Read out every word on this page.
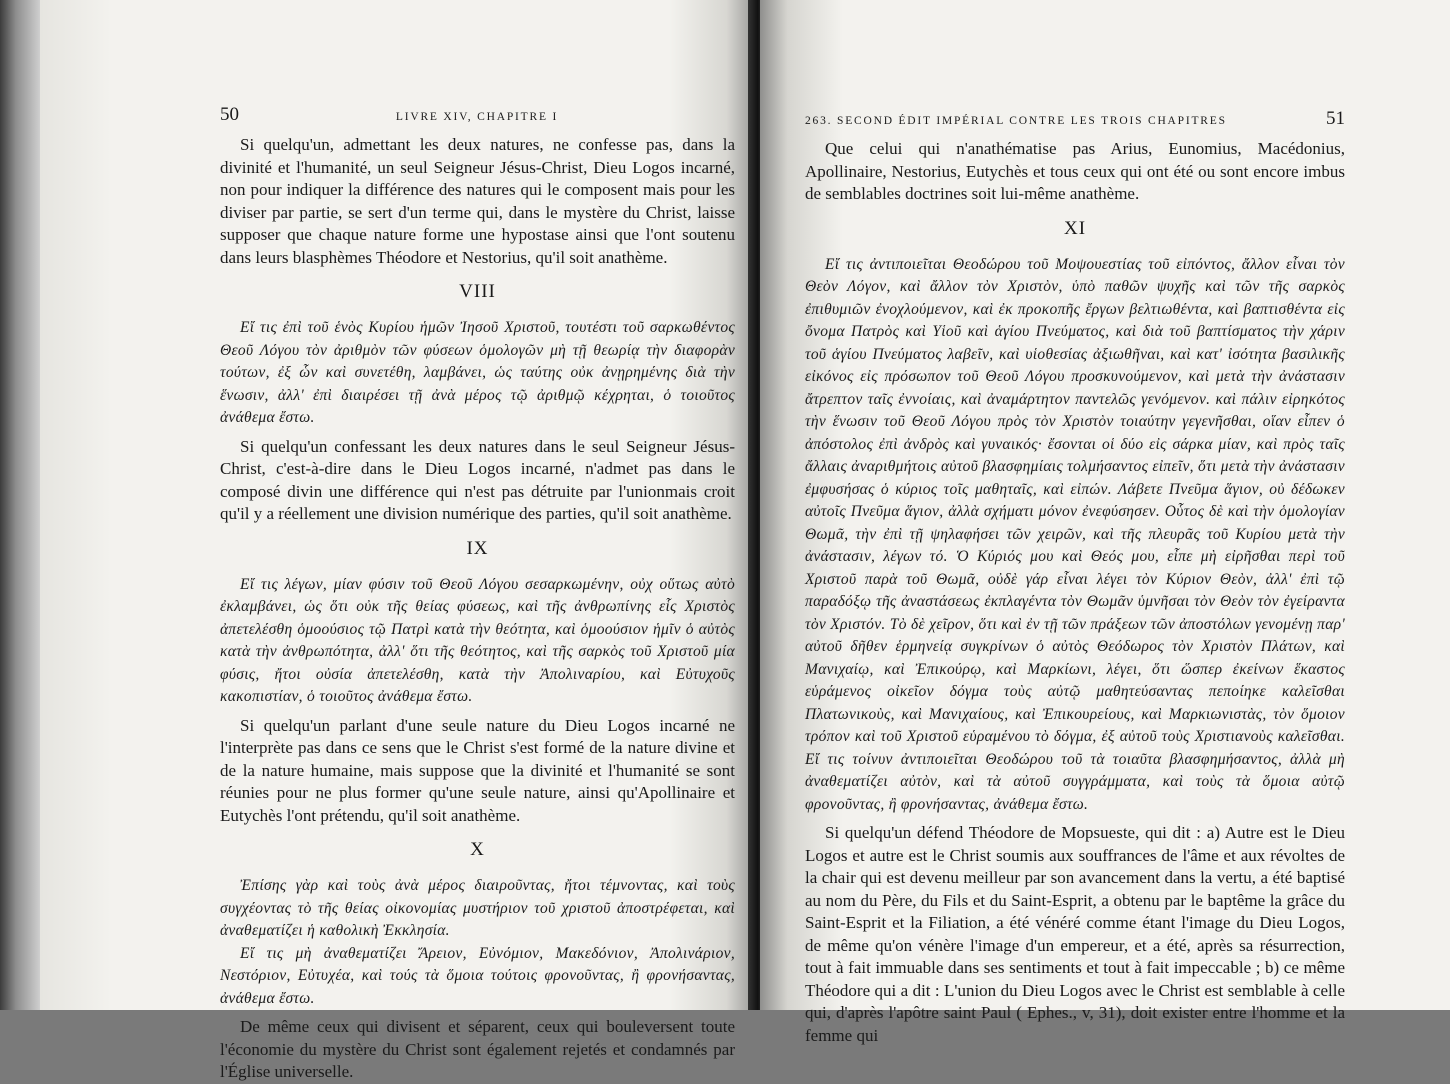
50	LIVRE XIV, CHAPITRE I

Si quelqu'un, admettant les deux natures, ne confesse pas, dans la divinité et l'humanité, un seul Seigneur Jésus-Christ, Dieu Logos incarné, non pour indiquer la différence des natures qui le composent mais pour les diviser par partie, se sert d'un terme qui, dans le mystère du Christ, laisse supposer que chaque nature forme une hypostase ainsi que l'ont soutenu dans leurs blasphèmes Théodore et Nestorius, qu'il soit anathème.

VIII

Εἴ τις ἐπὶ τοῦ ἑνὸς Κυρίου ἡμῶν Ἰησοῦ Χριστοῦ, τουτέστι τοῦ σαρκωθέντος Θεοῦ Λόγου τὸν ἀριθμὸν τῶν φύσεων ὁμολογῶν μὴ τῇ θεωρίᾳ τὴν διαφορὰν τούτων, ἐξ ὧν καὶ συνετέθη, λαμβάνει, ὡς ταύτης οὐκ ἀνῃρημένης διὰ τὴν ἕνωσιν, ἀλλ' ἐπὶ διαιρέσει τῇ ἀνὰ μέρος τῷ ἀριθμῷ κέχρηται, ὁ τοιοῦτος ἀνάθεμα ἔστω.

Si quelqu'un confessant les deux natures dans le seul Seigneur Jésus-Christ, c'est-à-dire dans le Dieu Logos incarné, n'admet pas dans le composé divin une différence qui n'est pas détruite par l'unionmais croit qu'il y a réellement une division numérique des parties, qu'il soit anathème.

IX

Εἴ τις λέγων, μίαν φύσιν τοῦ Θεοῦ Λόγου σεσαρκωμένην, οὐχ οὕτως αὐτὸ ἐκλαμβάνει, ὡς ὅτι οὐκ τῆς θείας φύσεως, καὶ τῆς ἀνθρωπίνης εἷς Χριστὸς ἀπετελέσθη ὁμοούσιος τῷ Πατρὶ κατὰ τὴν θεότητα, καὶ ὁμοούσιον ἡμῖν ὁ αὐτὸς κατὰ τὴν ἀνθρωπότητα, ἀλλ' ὅτι τῆς θεότητος, καὶ τῆς σαρκὸς τοῦ Χριστοῦ μία φύσις, ἤτοι οὐσία ἀπετελέσθη, κατὰ τὴν Ἀπολιναρίου, καὶ Εὐτυχοῦς κακοπιστίαν, ὁ τοιοῦτος ἀνάθεμα ἔστω.

Si quelqu'un parlant d'une seule nature du Dieu Logos incarné ne l'interprète pas dans ce sens que le Christ s'est formé de la nature divine et de la nature humaine, mais suppose que la divinité et l'humanité se sont réunies pour ne plus former qu'une seule nature, ainsi qu'Apollinaire et Eutychès l'ont prétendu, qu'il soit anathème.

X

Ἐπίσης γὰρ καὶ τοὺς ἀνὰ μέρος διαιροῦντας, ἤτοι τέμνοντας, καὶ τοὺς συγχέοντας τὸ τῆς θείας οἰκονομίας μυστήριον τοῦ χριστοῦ ἀποστρέφεται, καὶ ἀναθεματίζει ἡ καθολικὴ Ἐκκλησία.

Εἴ τις μὴ ἀναθεματίζει Ἄρειον, Εὐνόμιον, Μακεδόνιον, Ἀπολινάριον, Νεστόριον, Εὐτυχέα, καὶ τούς τὰ ὅμοια τούτοις φρονοῦντας, ἢ φρονήσαντας, ἀνάθεμα ἔστω.

De même ceux qui divisent et séparent, ceux qui bouleversent toute l'économie du mystère du Christ sont également rejetés et condamnés par l'Église universelle.

263. SECOND ÉDIT IMPÉRIAL CONTRE LES TROIS CHAPITRES	51

Que celui qui n'anathématise pas Arius, Eunomius, Macédonius, Apollinaire, Nestorius, Eutychès et tous ceux qui ont été ou sont encore imbus de semblables doctrines soit lui-même anathème.

XI

Εἴ τις ἀντιποιεῖται Θεοδώρου τοῦ Μοψουεστίας τοῦ εἰπόντος, ἄλλον εἶναι τὸν Θεὸν Λόγον, καὶ ἄλλον τὸν Χριστὸν, ὑπὸ παθῶν ψυχῆς καὶ τῶν τῆς σαρκὸς ἐπιθυμιῶν ἐνοχλούμενον, καὶ ἐκ προκοπῆς ἔργων βελτιωθέντα, καὶ βαπτισθέντα εἰς ὄνομα Πατρὸς καὶ Υἱοῦ καὶ ἁγίου Πνεύματος, καὶ διὰ τοῦ βαπτίσματος τὴν χάριν τοῦ ἁγίου Πνεύματος λαβεῖν, καὶ υἱοθεσίας ἀξιωθῆναι, καὶ κατ' ἰσότητα βασιλικῆς εἰκόνος εἰς πρόσωπον τοῦ Θεοῦ Λόγου προσκυνούμενον, καὶ μετὰ τὴν ἀνάστασιν ἄτρεπτον ταῖς ἐννοίαις, καὶ ἀναμάρτητον παντελῶς γενόμενον. καὶ πάλιν εἰρηκότος τὴν ἕνωσιν τοῦ Θεοῦ Λόγου πρὸς τὸν Χριστὸν τοιαύτην γεγενῆσθαι, οἵαν εἶπεν ὁ ἀπόστολος ἐπὶ ἀνδρὸς καὶ γυναικός· ἔσονται οἱ δύο εἰς σάρκα μίαν, καὶ πρὸς ταῖς ἄλλαις ἀναριθμήτοις αὐτοῦ βλασφημίαις τολμήσαντος εἰπεῖν, ὅτι μετὰ τὴν ἀνάστασιν ἐμφυσήσας ὁ κύριος τοῖς μαθηταῖς, καὶ εἰπών. Λάβετε Πνεῦμα ἅγιον, οὐ δέδωκεν αὐτοῖς Πνεῦμα ἅγιον, ἀλλὰ σχήματι μόνον ἐνεφύσησεν. Οὗτος δὲ καὶ τὴν ὁμολογίαν Θωμᾶ, τὴν ἐπὶ τῇ ψηλαφήσει τῶν χειρῶν, καὶ τῆς πλευρᾶς τοῦ Κυρίου μετὰ τὴν ἀνάστασιν, λέγων τό. Ὁ Κύριός μου καὶ Θεός μου, εἶπε μὴ εἰρῆσθαι περὶ τοῦ Χριστοῦ παρὰ τοῦ Θωμᾶ, οὐδὲ γάρ εἶναι λέγει τὸν Κύριον Θεὸν, ἀλλ' ἐπὶ τῷ παραδόξῳ τῆς ἀναστάσεως ἐκπλαγέντα τὸν Θωμᾶν ὑμνῆσαι τὸν Θεὸν τὸν ἐγείραντα τὸν Χριστόν. Τὸ δὲ χεῖρον, ὅτι καὶ ἐν τῇ τῶν πράξεων τῶν ἀποστόλων γενομένῃ παρ' αὐτοῦ δῆθεν ἑρμηνείᾳ συγκρίνων ὁ αὐτὸς Θεόδωρος τὸν Χριστὸν Πλάτων, καὶ Μανιχαίῳ, καὶ Ἐπικούρῳ, καὶ Μαρκίωνι, λέγει, ὅτι ὥσπερ ἐκείνων ἕκαστος εὑράμενος οἰκεῖον δόγμα τοὺς αὐτῷ μαθητεύσαντας πεποίηκε καλεῖσθαι Πλατωνικοὺς, καὶ Μανιχαίους, καὶ Ἐπικουρείους, καὶ Μαρκιωνιστὰς, τὸν ὅμοιον τρόπον καὶ τοῦ Χριστοῦ εὑραμένου τὸ δόγμα, ἐξ αὐτοῦ τοὺς Χριστιανοὺς καλεῖσθαι. Εἴ τις τοίνυν ἀντιποιεῖται Θεοδώρου τοῦ τὰ τοιαῦτα βλασφημήσαντος, ἀλλὰ μὴ ἀναθεματίζει αὐτὸν, καὶ τὰ αὐτοῦ συγγράμματα, καὶ τοὺς τὰ ὅμοια αὐτῷ φρονοῦντας, ἢ φρονήσαντας, ἀνάθεμα ἔστω.

Si quelqu'un défend Théodore de Mopsueste, qui dit : a) Autre est le Dieu Logos et autre est le Christ soumis aux souffrances de l'âme et aux révoltes de la chair qui est devenu meilleur par son avancement dans la vertu, a été baptisé au nom du Père, du Fils et du Saint-Esprit, a obtenu par le baptême la grâce du Saint-Esprit et la Filiation, a été vénéré comme étant l'image du Dieu Logos, de même qu'on vénère l'image d'un empereur, et a été, après sa résurrection, tout à fait immuable dans ses sentiments et tout à fait impeccable ; b) ce même Théodore qui a dit : L'union du Dieu Logos avec le Christ est semblable à celle qui, d'après l'apôtre saint Paul ( Ephes., v, 31), doit exister entre l'homme et la femme qui
